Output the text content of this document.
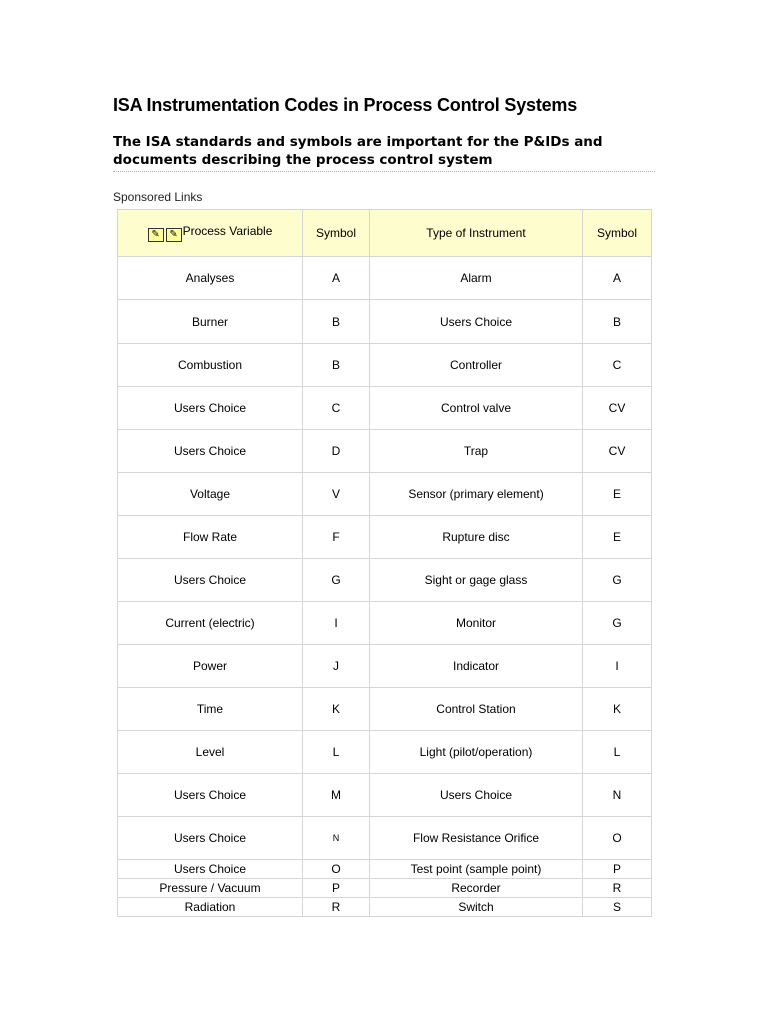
ISA Instrumentation Codes in Process Control Systems
The ISA standards and symbols are important for the P&IDs and
documents describing the process control system
Sponsored Links
✎ ✎ Process Variable	Symbol	Type of Instrument	Symbol
Analyses	A	Alarm	A
Burner	B	Users Choice	B
Combustion	B	Controller	C
Users Choice	C	Control valve	CV
Users Choice	D	Trap	CV
Voltage	V	Sensor (primary element)	E
Flow Rate	F	Rupture disc	E
Users Choice	G	Sight or gage glass	G
Current (electric)	I	Monitor	G
Power	J	Indicator	I
Time	K	Control Station	K
Level	L	Light (pilot/operation)	L
Users Choice	M	Users Choice	N
Users Choice	N	Flow Resistance Orifice	O
Users Choice	O	Test point (sample point)	P
Pressure / Vacuum	P	Recorder	R
Radiation	R	Switch	S
